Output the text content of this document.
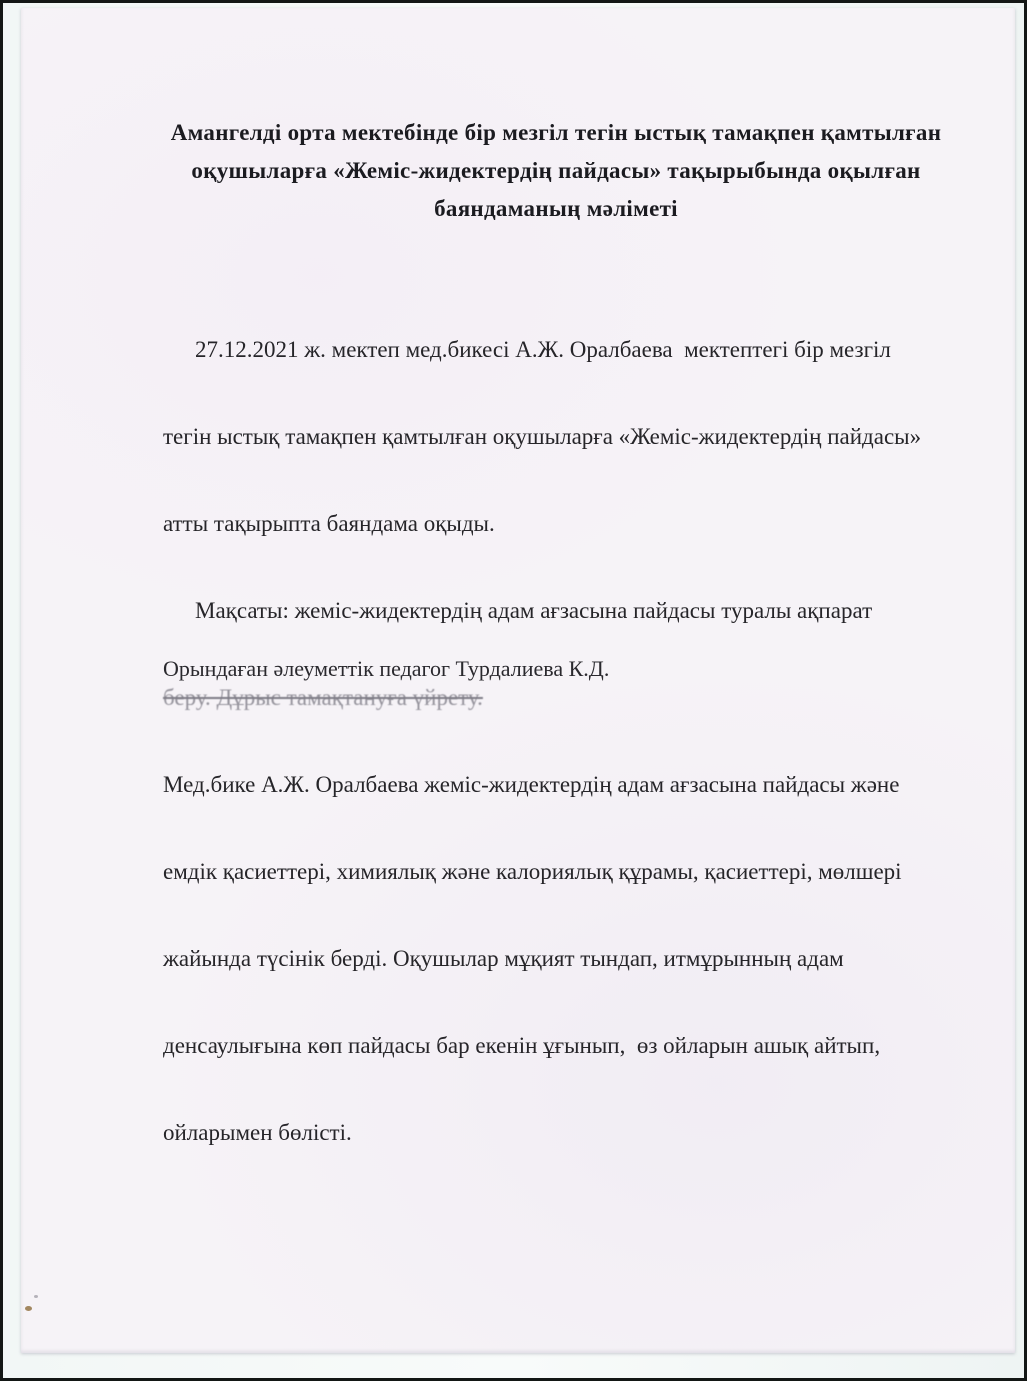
Амангелді орта мектебінде бір мезгіл тегін ыстық тамақпен қамтылған
оқушыларға «Жеміс-жидектердің пайдасы» тақырыбында оқылған
баяндаманың мәліметі

27.12.2021 ж. мектеп мед.бикесі А.Ж. Оралбаева  мектептегі бір мезгіл

тегін ыстық тамақпен қамтылған оқушыларға «Жеміс-жидектердің пайдасы»

атты тақырыпта баяндама оқыды.

Мақсаты: жеміс-жидектердің адам ағзасына пайдасы туралы ақпарат

беру. Дұрыс тамақтануға үйрету.

Мед.бике А.Ж. Оралбаева жеміс-жидектердің адам ағзасына пайдасы және

емдік қасиеттері, химиялық және калориялық құрамы, қасиеттері, мөлшері

жайында түсінік берді. Оқушылар мұқият тындап, итмұрынның адам

денсаулығына көп пайдасы бар екенін ұғынып,  өз ойларын ашық айтып,

ойларымен бөлісті.

Орындаған әлеуметтік педагог Турдалиева К.Д.
